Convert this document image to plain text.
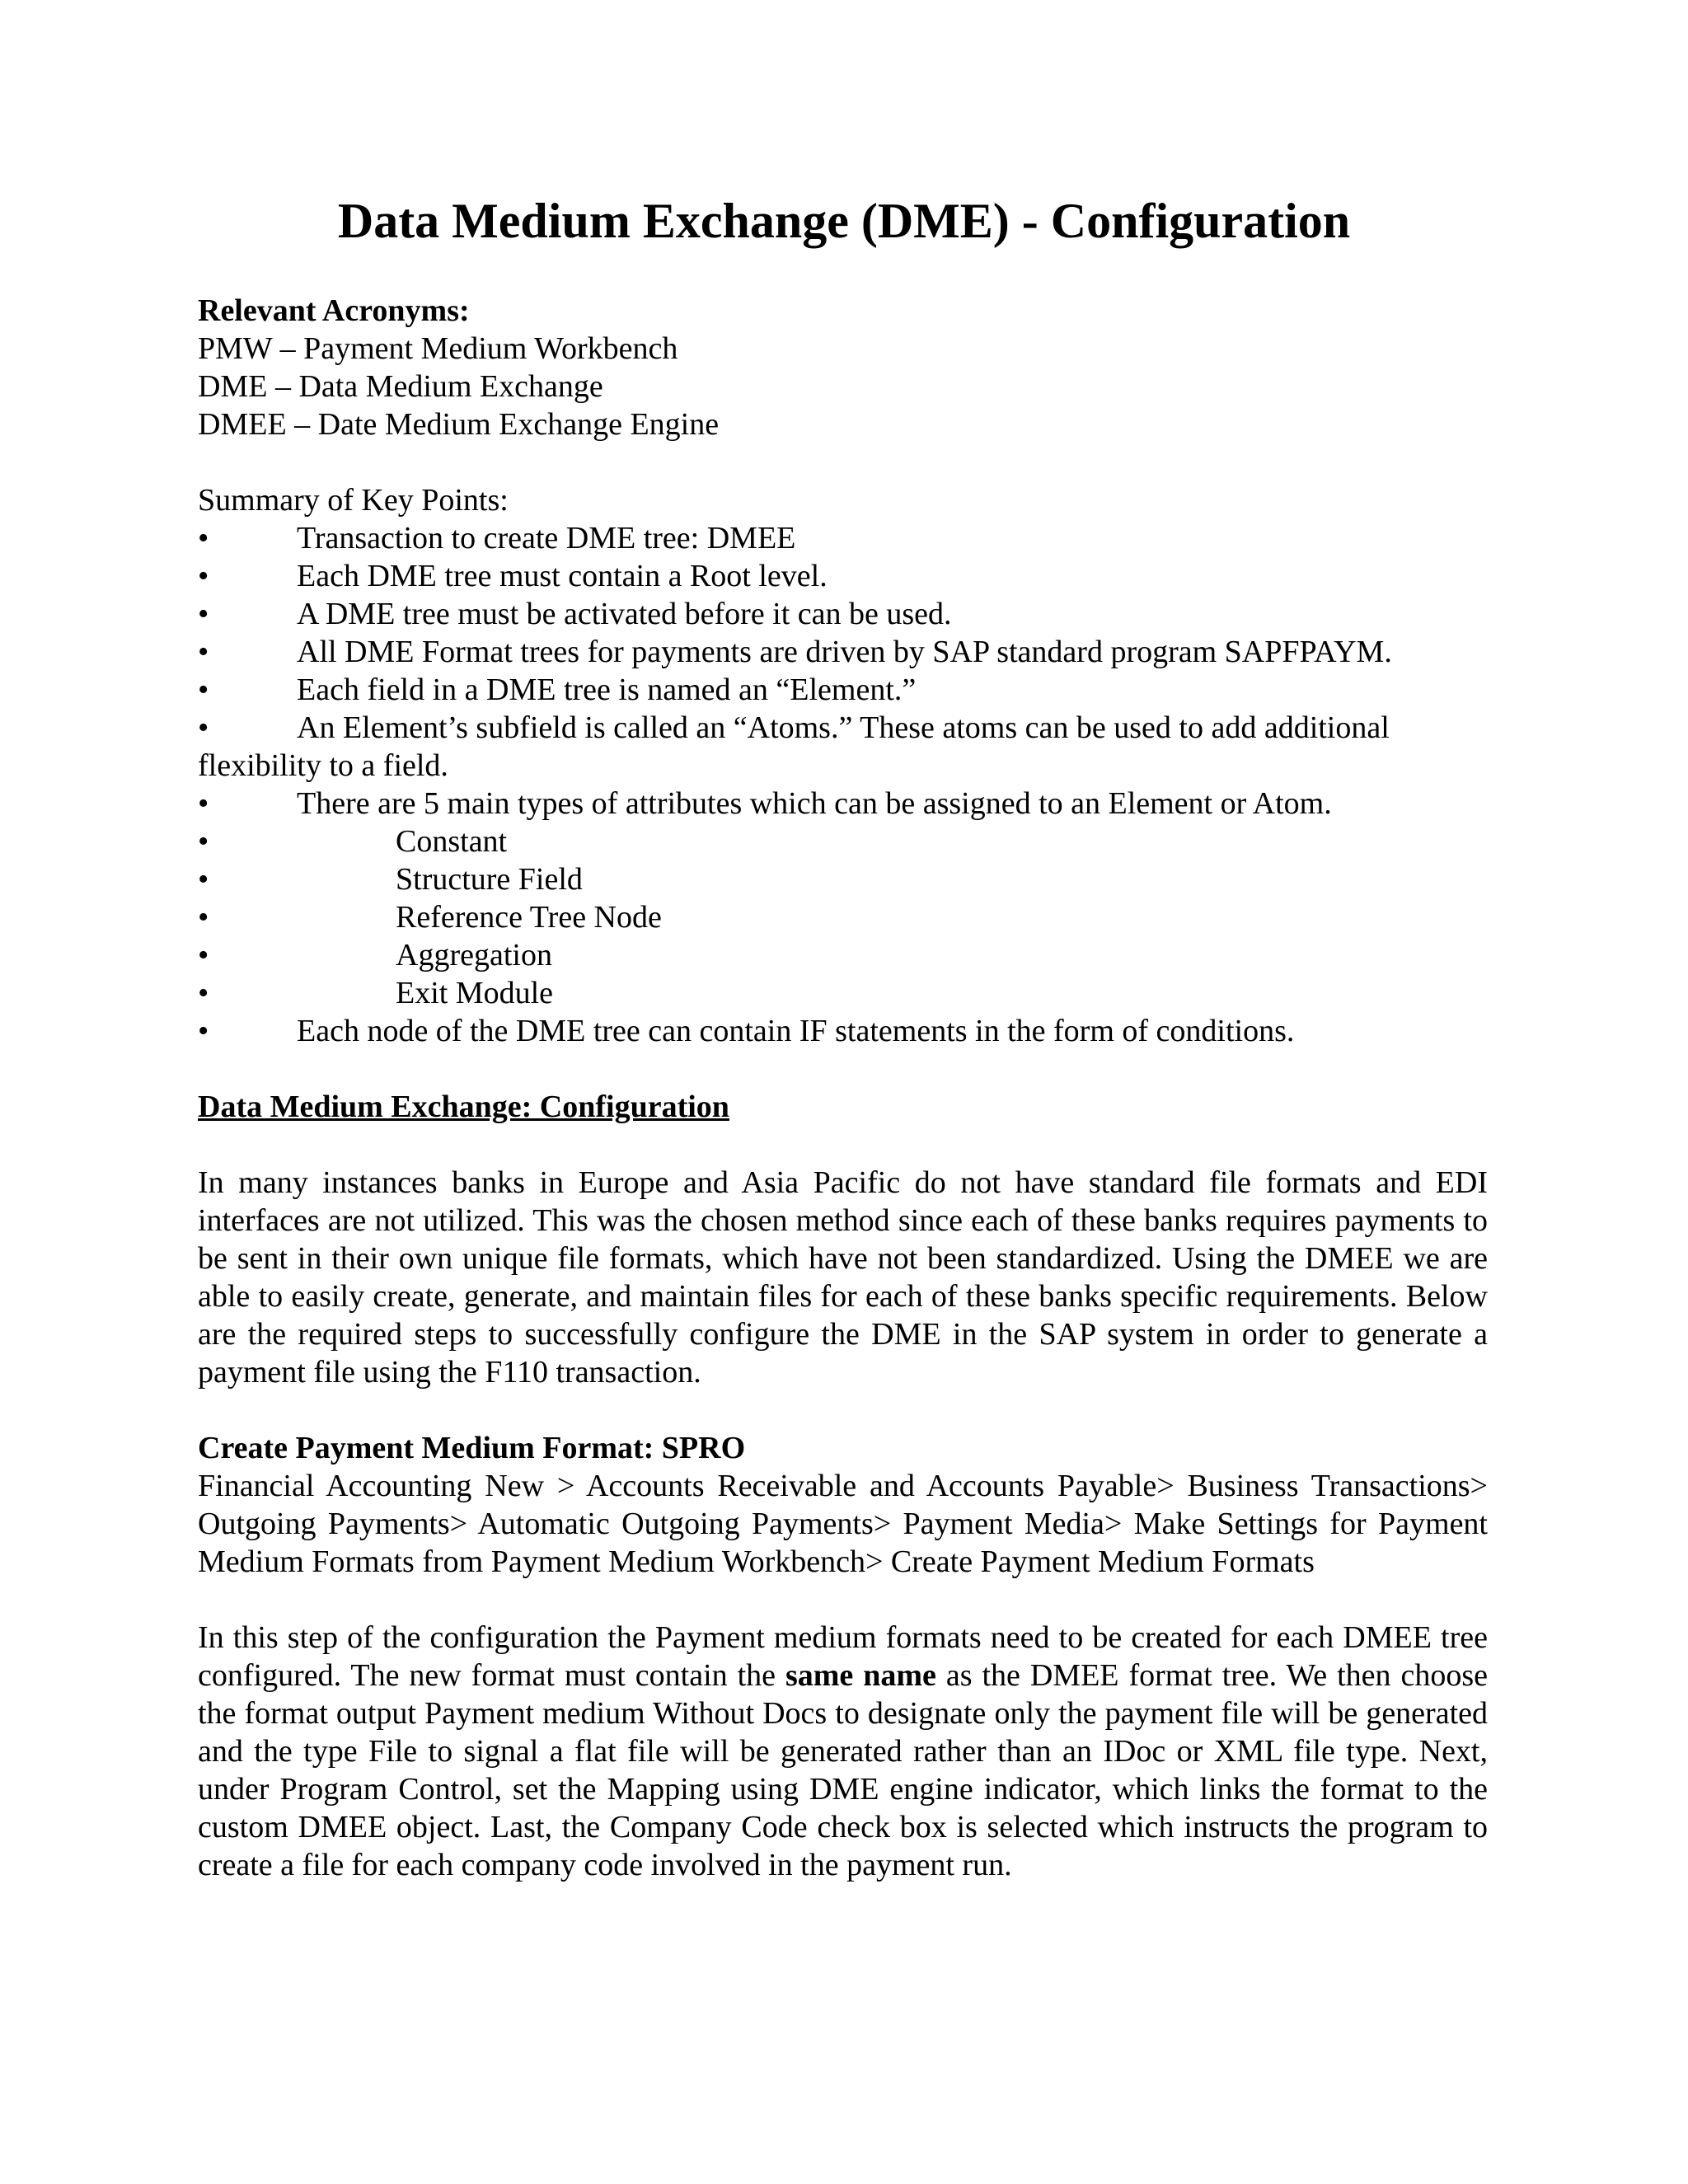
Data Medium Exchange (DME) - Configuration

Relevant Acronyms:

PMW – Payment Medium Workbench

DME – Data Medium Exchange

DMEE – Date Medium Exchange Engine

Summary of Key Points:

•	Transaction to create DME tree: DMEE

•	Each DME tree must contain a Root level.

•	A DME tree must be activated before it can be used.

•	All DME Format trees for payments are driven by SAP standard program SAPFPAYM.

•	Each field in a DME tree is named an “Element.”

•	An Element’s subfield is called an “Atoms.” These atoms can be used to add additional flexibility to a field.

•	There are 5 main types of attributes which can be assigned to an Element or Atom.

•	Constant

•	Structure Field

•	Reference Tree Node

•	Aggregation

•	Exit Module

•	Each node of the DME tree can contain IF statements in the form of conditions.

Data Medium Exchange: Configuration

In many instances banks in Europe and Asia Pacific do not have standard file formats and EDI interfaces are not utilized. This was the chosen method since each of these banks requires payments to be sent in their own unique file formats, which have not been standardized. Using the DMEE we are able to easily create, generate, and maintain files for each of these banks specific requirements. Below are the required steps to successfully configure the DME in the SAP system in order to generate a payment file using the F110 transaction.

Create Payment Medium Format: SPRO

Financial Accounting New > Accounts Receivable and Accounts Payable> Business Transactions> Outgoing Payments> Automatic Outgoing Payments> Payment Media> Make Settings for Payment Medium Formats from Payment Medium Workbench> Create Payment Medium Formats

In this step of the configuration the Payment medium formats need to be created for each DMEE tree configured. The new format must contain the same name as the DMEE format tree. We then choose the format output Payment medium Without Docs to designate only the payment file will be generated and the type File to signal a flat file will be generated rather than an IDoc or XML file type. Next, under Program Control, set the Mapping using DME engine indicator, which links the format to the custom DMEE object. Last, the Company Code check box is selected which instructs the program to create a file for each company code involved in the payment run.
